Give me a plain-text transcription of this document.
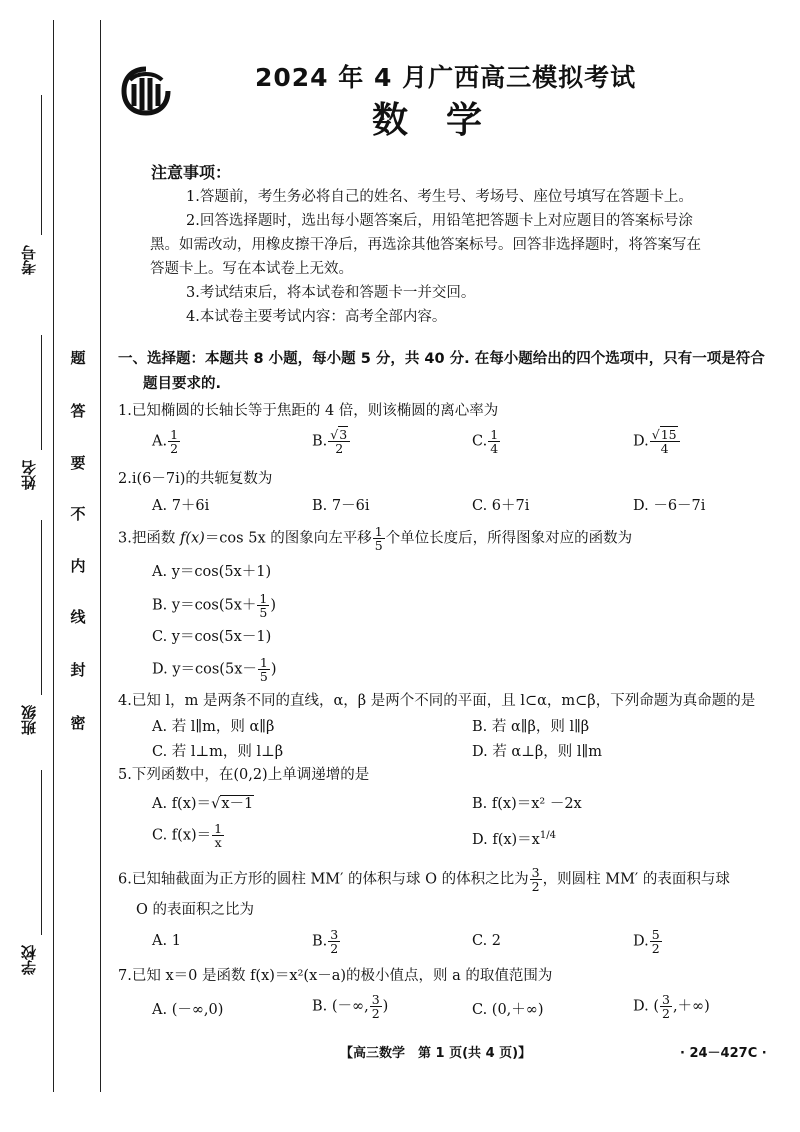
考号
姓名
班级
学校
题
答
要
不
内
线
封
密
2024 年 4 月广西高三模拟考试
数学
注意事项：
1.答题前，考生务必将自己的姓名、考生号、考场号、座位号填写在答题卡上。
2.回答选择题时，选出每小题答案后，用铅笔把答题卡上对应题目的答案标号涂
黑。如需改动，用橡皮擦干净后，再选涂其他答案标号。回答非选择题时，将答案写在
答题卡上。写在本试卷上无效。
3.考试结束后，将本试卷和答题卡一并交回。
4.本试卷主要考试内容：高考全部内容。
一、选择题：本题共 8 小题，每小题 5 分，共 40 分. 在每小题给出的四个选项中，只有一项是符合
题目要求的.
1.已知椭圆的长轴长等于焦距的 4 倍，则该椭圆的离心率为
A. $\frac{1}{2}$	B. $\frac{√3}{2}$	C. $\frac{1}{4}$	D. $\frac{√15}{4}$
2.i(6－7i)的共轭复数为
A. 7＋6i	B. 7－6i	C. 6＋7i	D. －6－7i
3.把函数 f(x)＝cos 5x 的图象向左平移 $\frac{1}{5}$ 个单位长度后，所得图象对应的函数为
A. y＝cos(5x＋1)
B. $y=\cos(5x+ \frac{1}{5}$ )
C. y＝cos(5x－1)
D. $y=\cos(5x- \frac{1}{5}$ )
4.已知 l，m 是两条不同的直线，α，β 是两个不同的平面，且 l⊂α，m⊂β，下列命题为真命题的是
A. 若 l∥m，则 α∥β	B. 若 α∥β，则 l∥β
C. 若 l⊥m，则 l⊥β	D. 若 α⊥β，则 l∥m
5.下列函数中，在(0,2)上单调递增的是
A. f(x)＝√x－1	B. f(x)＝x² －2x
C. $f(x)= \frac{1}{x}$	D. $f(x)=x^{1/4}$
6.已知轴截面为正方形的圆柱 MM′ 的体积与球 O 的体积之比为 $\frac{3}{2}$ ，则圆柱 MM′ 的表面积与球
O 的表面积之比为
A. 1	B. $\frac{3}{2}$	C. 2	D. $\frac{5}{2}$
7.已知 x＝0 是函数 f(x)＝x²(x－a)的极小值点，则 a 的取值范围为
A. (－∞,0)	B. (－∞, $\frac{3}{2}$ )	C. (0,＋∞)	D. ( $\frac{3}{2}$ ,＋∞)
【高三数学　第 1 页(共 4 页)】	· 24－427C ·
